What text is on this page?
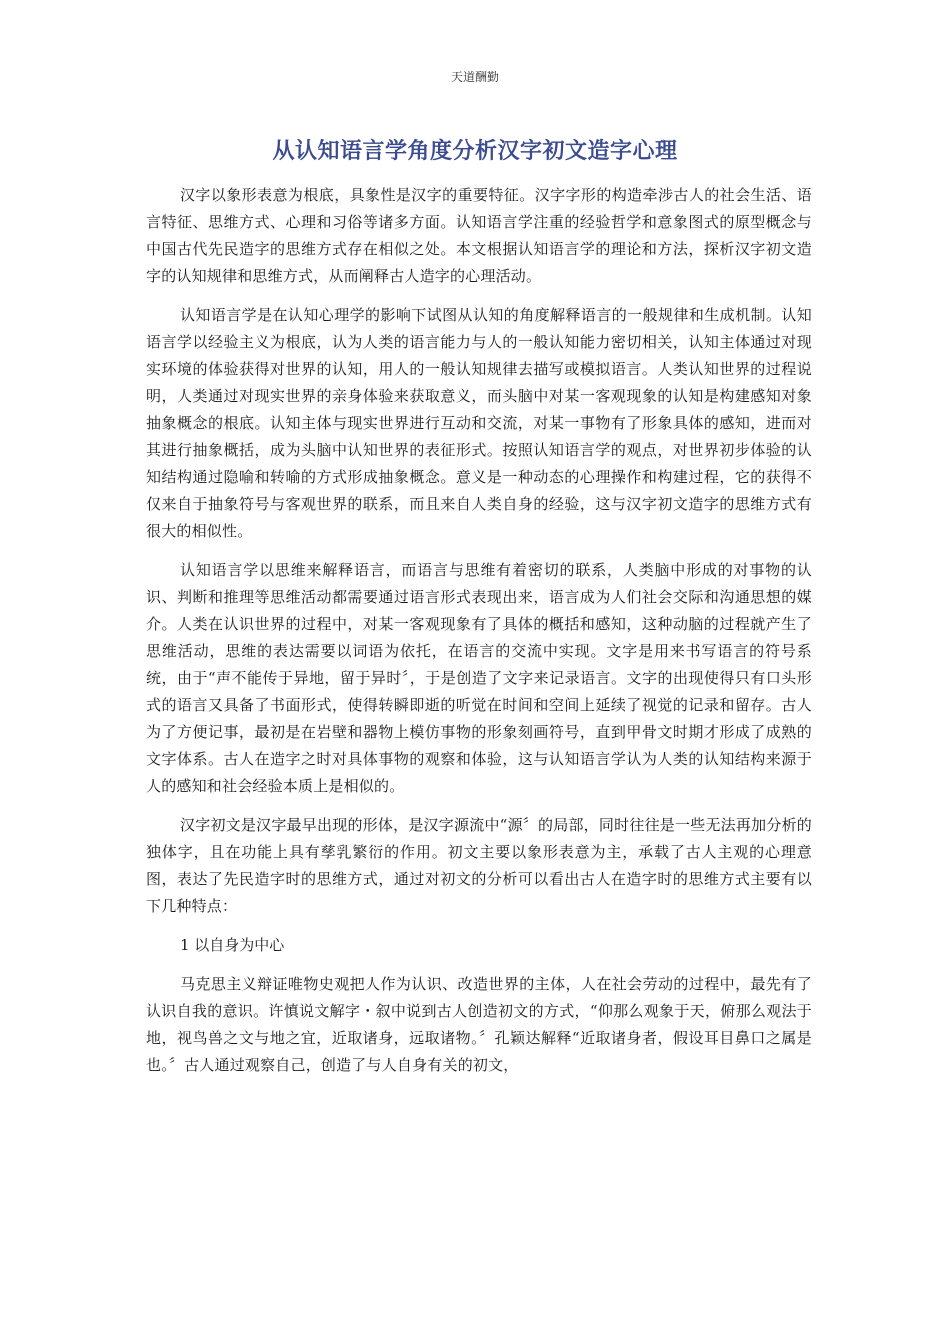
天道酬勤
从认知语言学角度分析汉字初文造字心理

汉字以象形表意为根底，具象性是汉字的重要特征。汉字字形的构造牵涉古人的社会生活、语言特征、思维方式、心理和习俗等诸多方面。认知语言学注重的经验哲学和意象图式的原型概念与中国古代先民造字的思维方式存在相似之处。本文根据认知语言学的理论和方法，探析汉字初文造字的认知规律和思维方式，从而阐释古人造字的心理活动。

认知语言学是在认知心理学的影响下试图从认知的角度解释语言的一般规律和生成机制。认知语言学以经验主义为根底，认为人类的语言能力与人的一般认知能力密切相关，认知主体通过对现实环境的体验获得对世界的认知，用人的一般认知规律去描写或模拟语言。人类认知世界的过程说明，人类通过对现实世界的亲身体验来获取意义，而头脑中对某一客观现象的认知是构建感知对象抽象概念的根底。认知主体与现实世界进行互动和交流，对某一事物有了形象具体的感知，进而对其进行抽象概括，成为头脑中认知世界的表征形式。按照认知语言学的观点，对世界初步体验的认知结构通过隐喻和转喻的方式形成抽象概念。意义是一种动态的心理操作和构建过程，它的获得不仅来自于抽象符号与客观世界的联系，而且来自人类自身的经验，这与汉字初文造字的思维方式有很大的相似性。

认知语言学以思维来解释语言，而语言与思维有着密切的联系，人类脑中形成的对事物的认识、判断和推理等思维活动都需要通过语言形式表现出来，语言成为人们社会交际和沟通思想的媒介。人类在认识世界的过程中，对某一客观现象有了具体的概括和感知，这种动脑的过程就产生了思维活动，思维的表达需要以词语为依托，在语言的交流中实现。文字是用来书写语言的符号系统，由于“声不能传于异地，留于异时〞，于是创造了文字来记录语言。文字的出现使得只有口头形式的语言又具备了书面形式，使得转瞬即逝的听觉在时间和空间上延续了视觉的记录和留存。古人为了方便记事，最初是在岩壁和器物上模仿事物的形象刻画符号，直到甲骨文时期才形成了成熟的文字体系。古人在造字之时对具体事物的观察和体验，这与认知语言学认为人类的认知结构来源于人的感知和社会经验本质上是相似的。

汉字初文是汉字最早出现的形体，是汉字源流中“源〞的局部，同时往往是一些无法再加分析的独体字，且在功能上具有孳乳繁衍的作用。初文主要以象形表意为主，承载了古人主观的心理意图，表达了先民造字时的思维方式，通过对初文的分析可以看出古人在造字时的思维方式主要有以下几种特点：

1 以自身为中心

马克思主义辩证唯物史观把人作为认识、改造世界的主体，人在社会劳动的过程中，最先有了认识自我的意识。许慎说文解字・叙中说到古人创造初文的方式，“仰那么观象于天，俯那么观法于地，视鸟兽之文与地之宜，近取诸身，远取诸物。〞孔颖达解释“近取诸身者，假设耳目鼻口之属是也。〞古人通过观察自己，创造了与人自身有关的初文，
